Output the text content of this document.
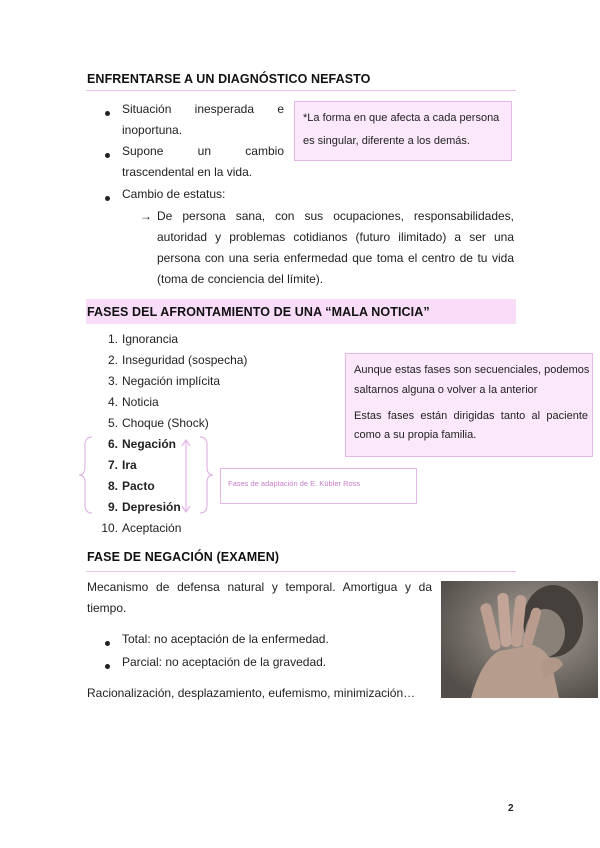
ENFRENTARSE A UN DIAGNÓSTICO NEFASTO
Situación inesperada e
inoportuna.
Supone un cambio
trascendental en la vida.
Cambio de estatus:
→ De persona sana, con sus ocupaciones, responsabilidades,
autoridad y problemas cotidianos (futuro ilimitado) a ser una
persona con una seria enfermedad que toma el centro de tu vida
(toma de conciencia del límite).
*La forma en que afecta a cada persona
es singular, diferente a los demás.
FASES DEL AFRONTAMIENTO DE UNA “MALA NOTICIA”
1. Ignorancia
2. Inseguridad (sospecha)
3. Negación implícita
4. Noticia
5. Choque (Shock)
6. Negación
7. Ira
8. Pacto
9. Depresión
10. Aceptación
Fases de adaptación de E. Kübler Ross
Aunque estas fases son secuenciales, podemos
saltarnos alguna o volver a la anterior
Estas fases están dirigidas tanto al paciente
como a su propia familia.
FASE DE NEGACIÓN (EXAMEN)
Mecanismo de defensa natural y temporal. Amortigua y da
tiempo.
Total: no aceptación de la enfermedad.
Parcial: no aceptación de la gravedad.
Racionalización, desplazamiento, eufemismo, minimización…
2
